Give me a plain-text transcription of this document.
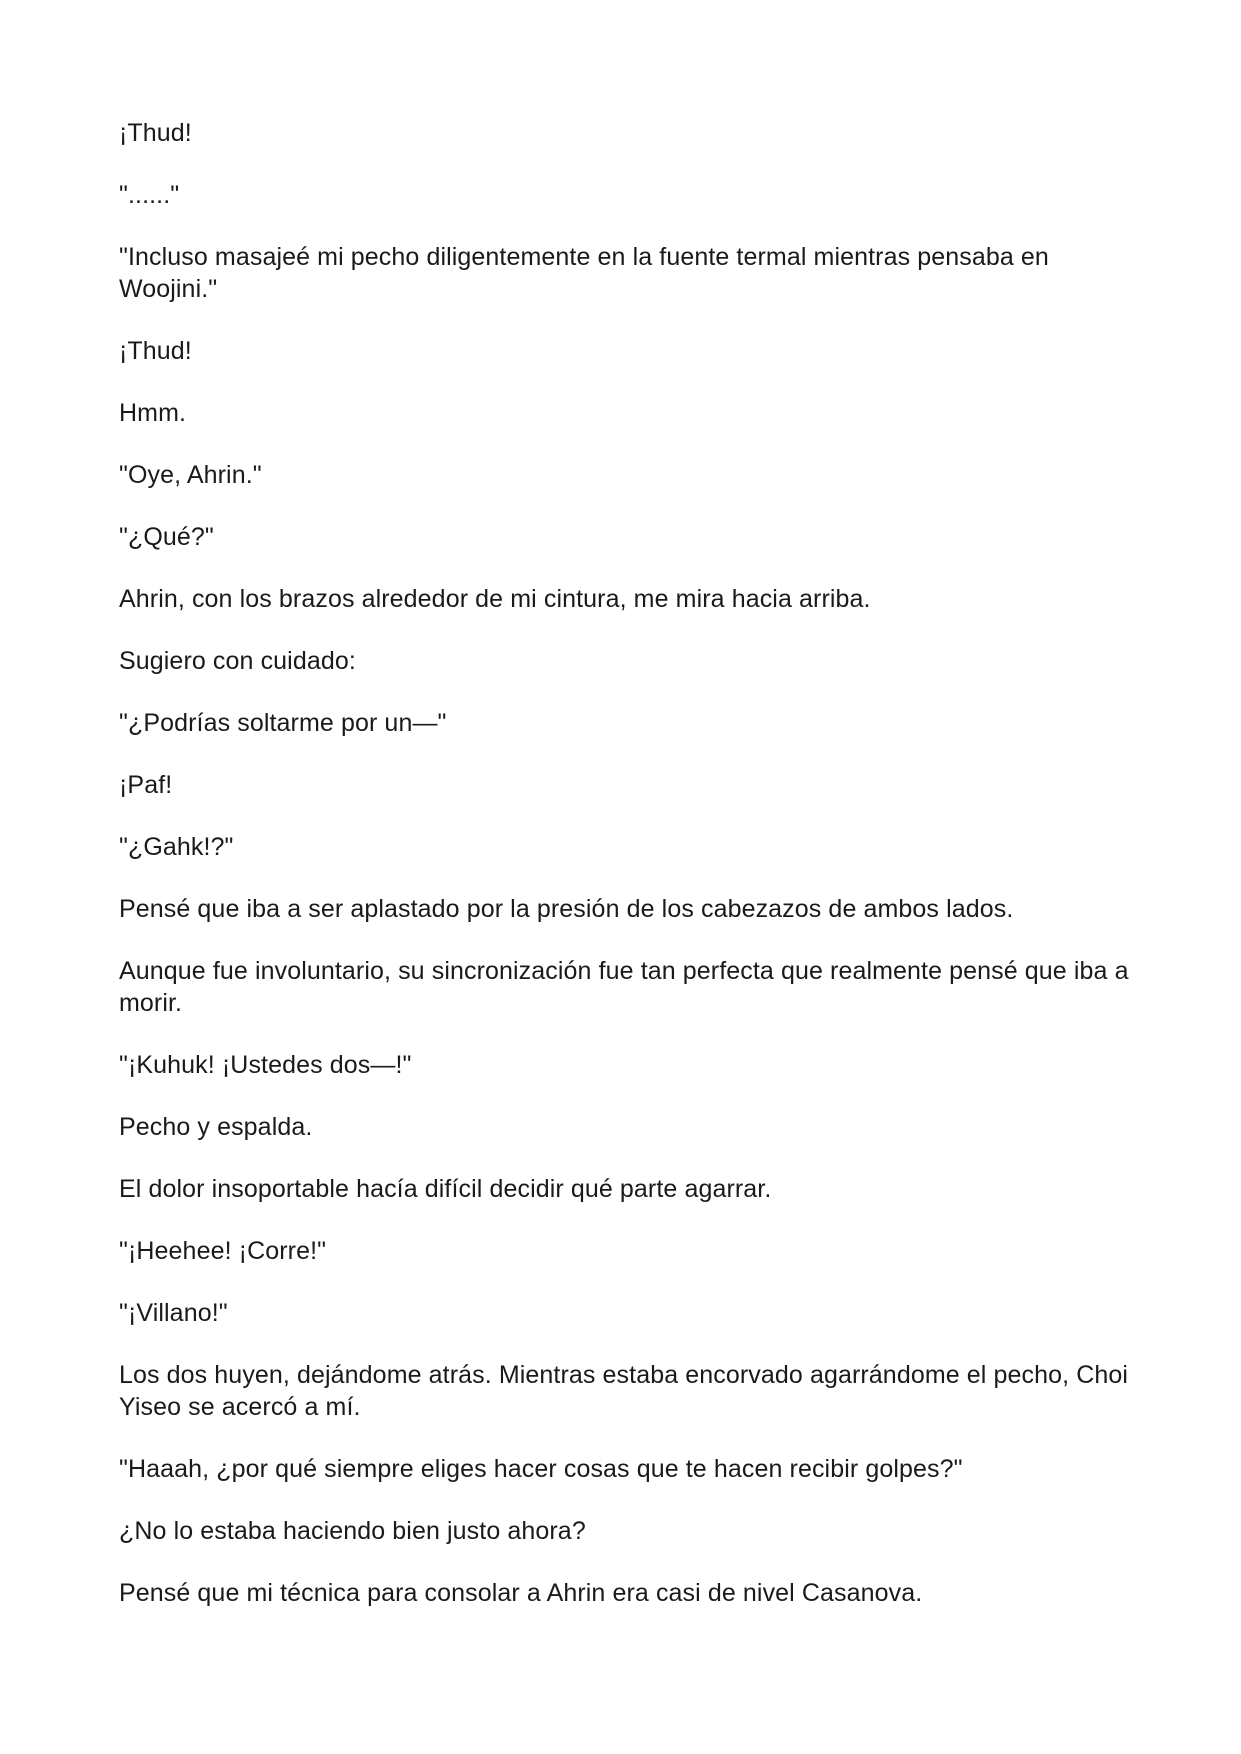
¡Thud!

"......"

"Incluso masajeé mi pecho diligentemente en la fuente termal mientras pensaba en Woojini."

¡Thud!

Hmm.

"Oye, Ahrin."

"¿Qué?"

Ahrin, con los brazos alrededor de mi cintura, me mira hacia arriba.

Sugiero con cuidado:

"¿Podrías soltarme por un—"

¡Paf!

"¿Gahk!?"

Pensé que iba a ser aplastado por la presión de los cabezazos de ambos lados.

Aunque fue involuntario, su sincronización fue tan perfecta que realmente pensé que iba a morir.

"¡Kuhuk! ¡Ustedes dos—!"

Pecho y espalda.

El dolor insoportable hacía difícil decidir qué parte agarrar.

"¡Heehee! ¡Corre!"

"¡Villano!"

Los dos huyen, dejándome atrás. Mientras estaba encorvado agarrándome el pecho, Choi Yiseo se acercó a mí.

"Haaah, ¿por qué siempre eliges hacer cosas que te hacen recibir golpes?"

¿No lo estaba haciendo bien justo ahora?

Pensé que mi técnica para consolar a Ahrin era casi de nivel Casanova.
